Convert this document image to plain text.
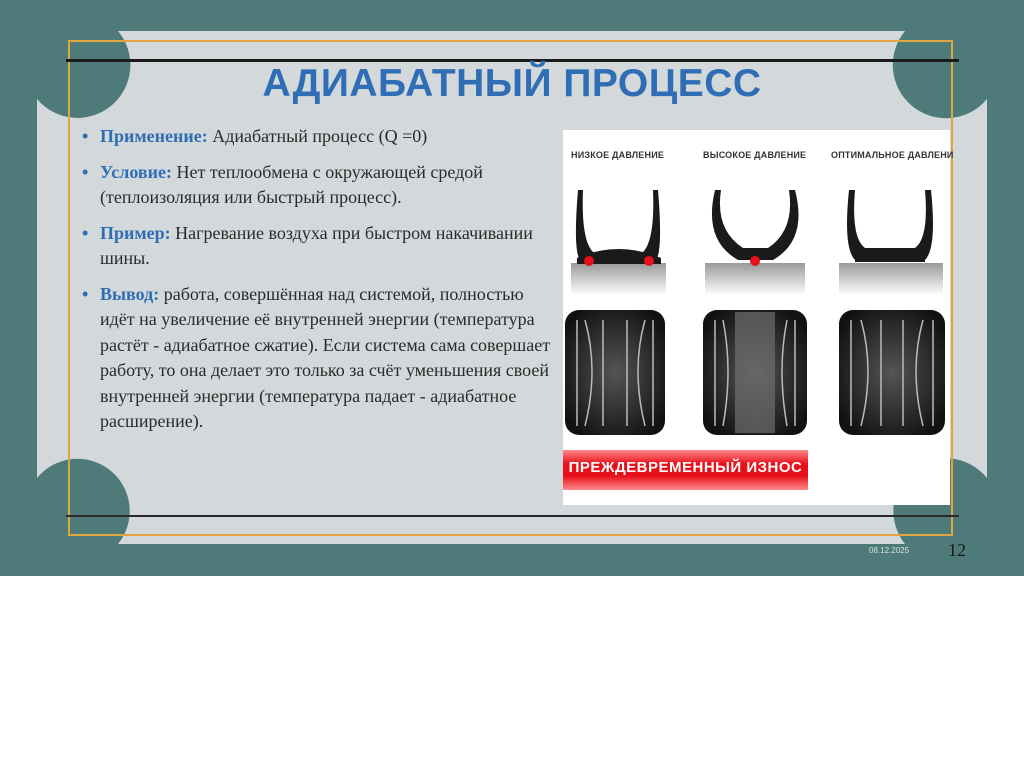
АДИАБАТНЫЙ ПРОЦЕСС
• Применение: Адиабатный процесс (Q =0)
• Условие: Нет теплообмена с окружающей средой (теплоизоляция или быстрый процесс).
• Пример: Нагревание воздуха при быстром накачивании шины.
• Вывод: работа, совершённая над системой, полностью идёт на увеличение её внутренней энергии (температура растёт - адиабатное сжатие). Если система сама совершает работу, то она делает это только за счёт уменьшения своей внутренней энергии (температура падает - адиабатное расширение).
НИЗКОЕ ДАВЛЕНИЕ	ВЫСОКОЕ ДАВЛЕНИЕ	ОПТИМАЛЬНОЕ ДАВЛЕНИ
ПРЕЖДЕВРЕМЕННЫЙ ИЗНОС
08.12.2025 12
